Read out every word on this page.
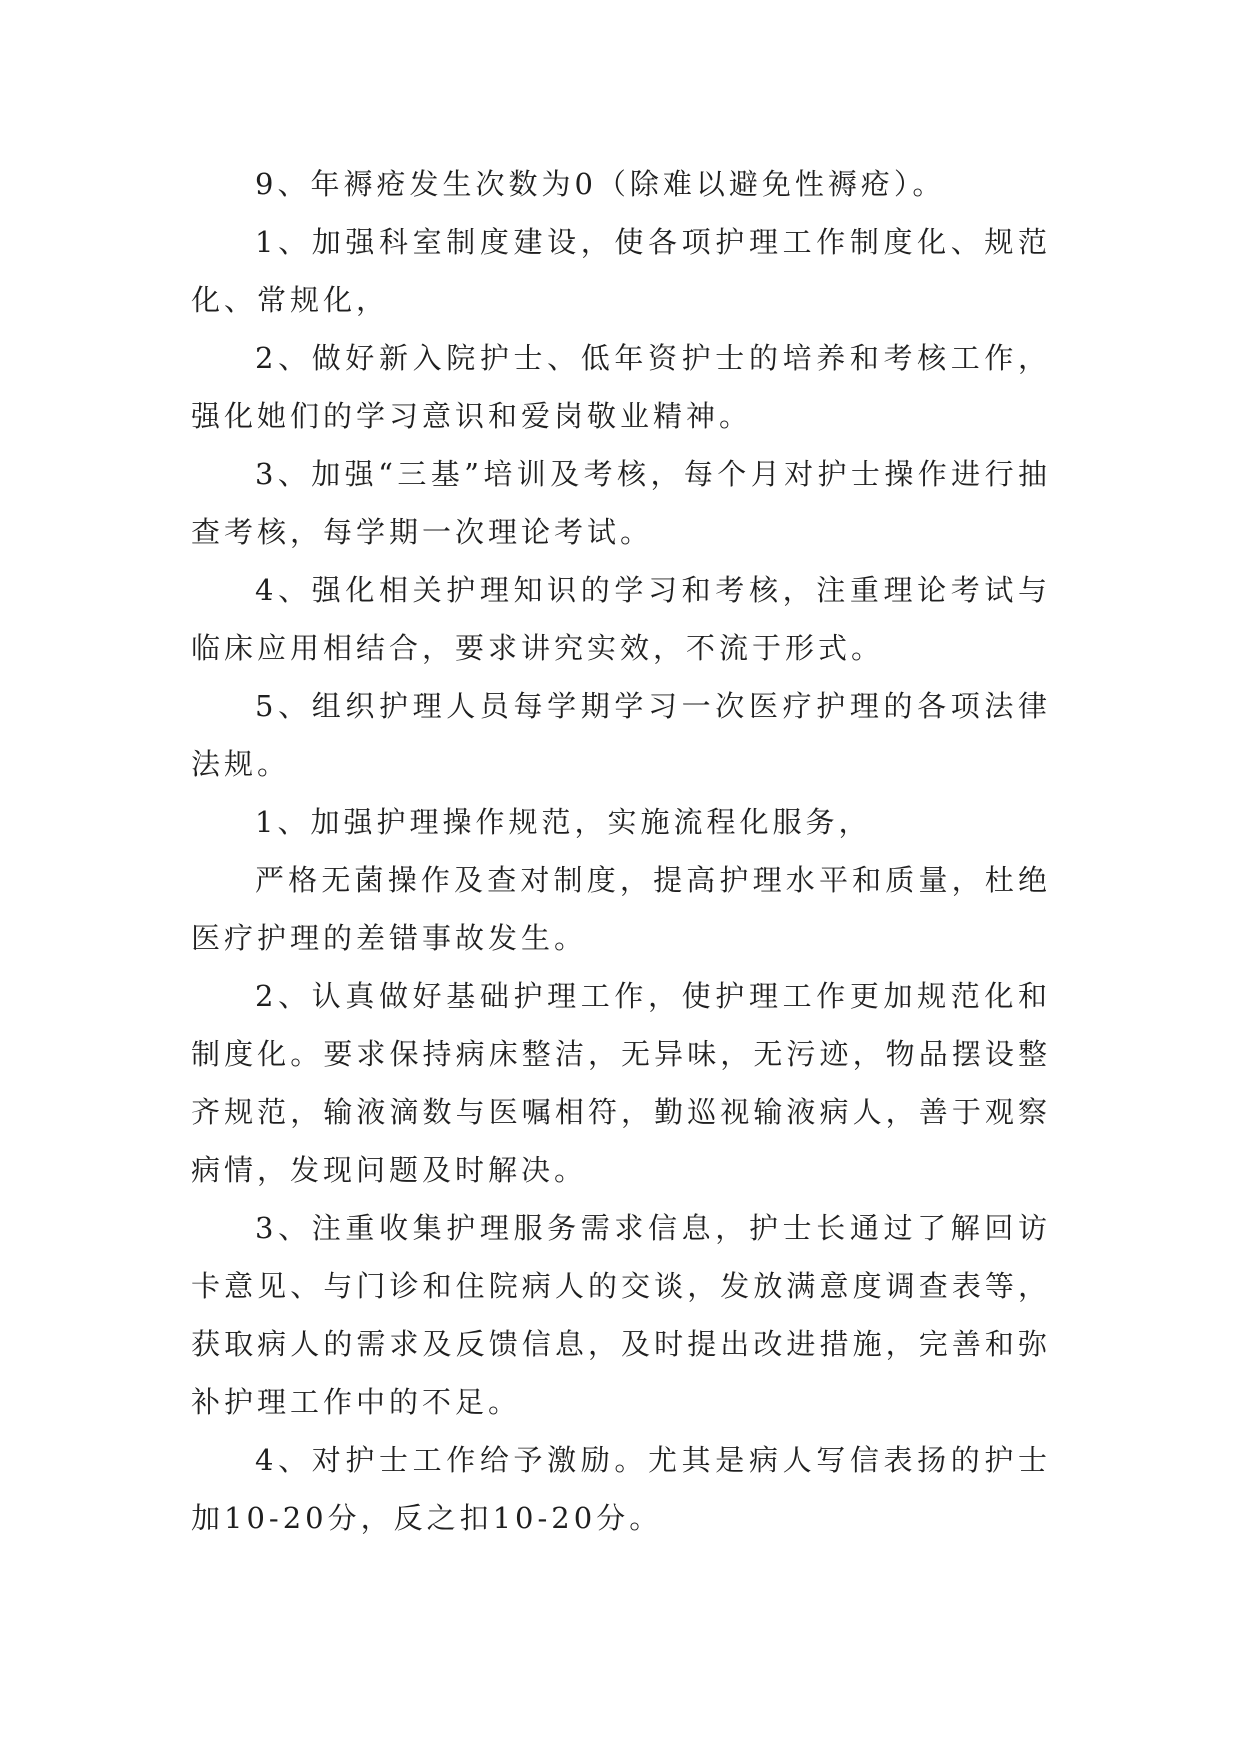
9、年褥疮发生次数为0（除难以避免性褥疮）。

1、加强科室制度建设，使各项护理工作制度化、规范化、常规化，

2、做好新入院护士、低年资护士的培养和考核工作，强化她们的学习意识和爱岗敬业精神。

3、加强“三基”培训及考核，每个月对护士操作进行抽查考核，每学期一次理论考试。

4、强化相关护理知识的学习和考核，注重理论考试与临床应用相结合，要求讲究实效，不流于形式。

5、组织护理人员每学期学习一次医疗护理的各项法律法规。

1、加强护理操作规范，实施流程化服务，

严格无菌操作及查对制度，提高护理水平和质量，杜绝医疗护理的差错事故发生。

2、认真做好基础护理工作，使护理工作更加规范化和制度化。要求保持病床整洁，无异味，无污迹，物品摆设整齐规范，输液滴数与医嘱相符，勤巡视输液病人，善于观察病情，发现问题及时解决。

3、注重收集护理服务需求信息，护士长通过了解回访卡意见、与门诊和住院病人的交谈，发放满意度调查表等，获取病人的需求及反馈信息，及时提出改进措施，完善和弥补护理工作中的不足。

4、对护士工作给予激励。尤其是病人写信表扬的护士加10-20分，反之扣10-20分。
